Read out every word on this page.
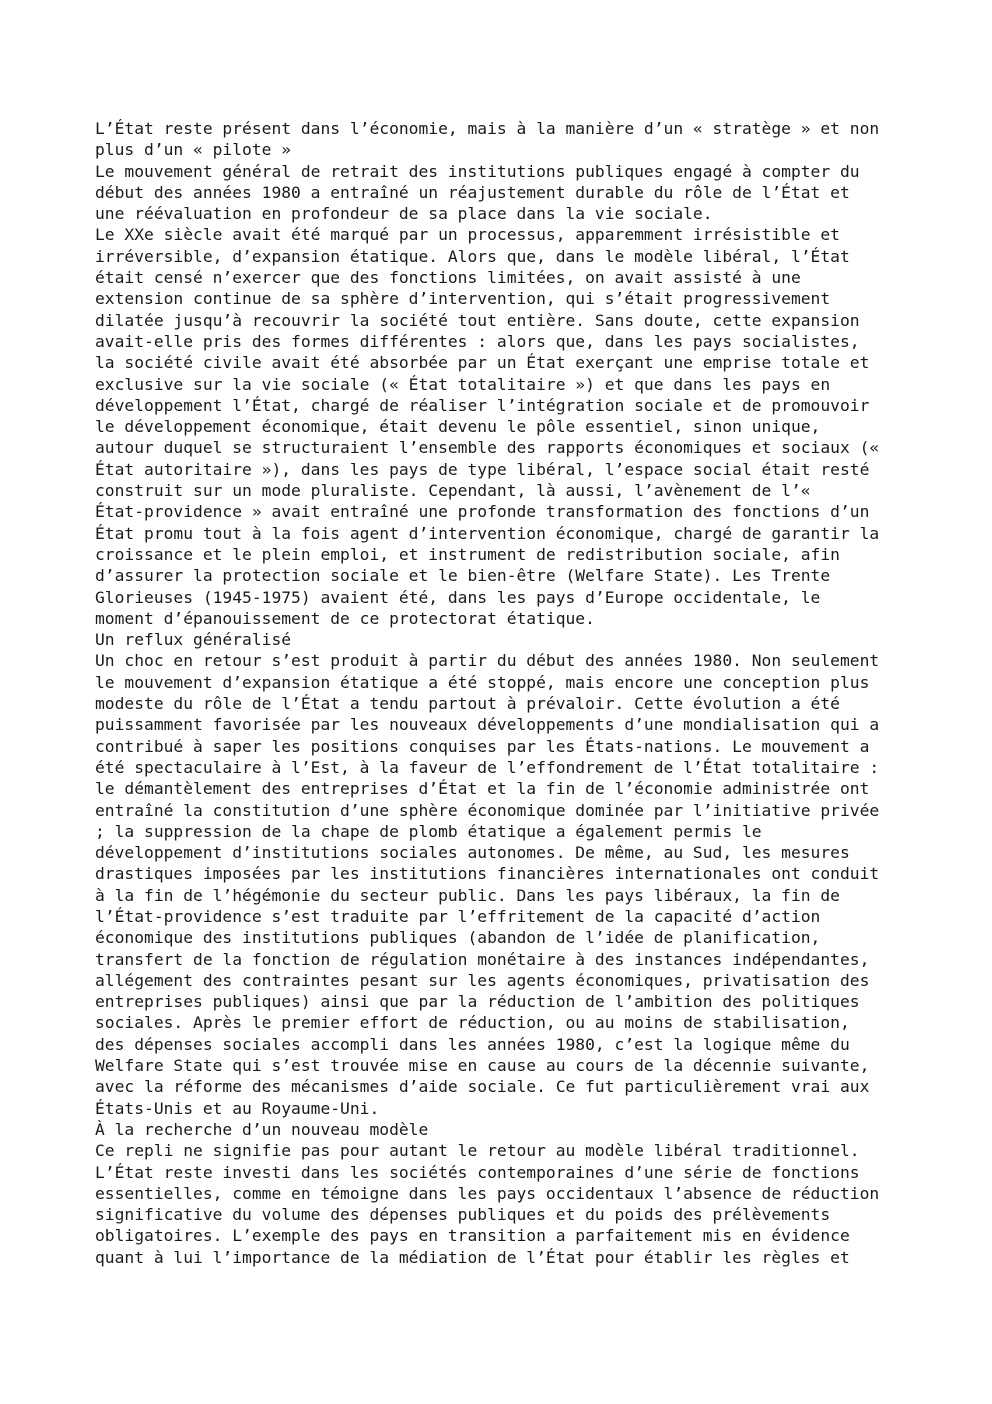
L’État reste présent dans l’économie, mais à la manière d’un « stratège » et non
plus d’un « pilote »
Le mouvement général de retrait des institutions publiques engagé à compter du
début des années 1980 a entraîné un réajustement durable du rôle de l’État et
une réévaluation en profondeur de sa place dans la vie sociale.
Le XXe siècle avait été marqué par un processus, apparemment irrésistible et
irréversible, d’expansion étatique. Alors que, dans le modèle libéral, l’État
était censé n’exercer que des fonctions limitées, on avait assisté à une
extension continue de sa sphère d’intervention, qui s’était progressivement
dilatée jusqu’à recouvrir la société tout entière. Sans doute, cette expansion
avait-elle pris des formes différentes : alors que, dans les pays socialistes,
la société civile avait été absorbée par un État exerçant une emprise totale et
exclusive sur la vie sociale (« État totalitaire ») et que dans les pays en
développement l’État, chargé de réaliser l’intégration sociale et de promouvoir
le développement économique, était devenu le pôle essentiel, sinon unique,
autour duquel se structuraient l’ensemble des rapports économiques et sociaux («
État autoritaire »), dans les pays de type libéral, l’espace social était resté
construit sur un mode pluraliste. Cependant, là aussi, l’avènement de l’«
État-providence » avait entraîné une profonde transformation des fonctions d’un
État promu tout à la fois agent d’intervention économique, chargé de garantir la
croissance et le plein emploi, et instrument de redistribution sociale, afin
d’assurer la protection sociale et le bien-être (Welfare State). Les Trente
Glorieuses (1945-1975) avaient été, dans les pays d’Europe occidentale, le
moment d’épanouissement de ce protectorat étatique.
Un reflux généralisé
Un choc en retour s’est produit à partir du début des années 1980. Non seulement
le mouvement d’expansion étatique a été stoppé, mais encore une conception plus
modeste du rôle de l’État a tendu partout à prévaloir. Cette évolution a été
puissamment favorisée par les nouveaux développements d’une mondialisation qui a
contribué à saper les positions conquises par les États-nations. Le mouvement a
été spectaculaire à l’Est, à la faveur de l’effondrement de l’État totalitaire :
le démantèlement des entreprises d’État et la fin de l’économie administrée ont
entraîné la constitution d’une sphère économique dominée par l’initiative privée
; la suppression de la chape de plomb étatique a également permis le
développement d’institutions sociales autonomes. De même, au Sud, les mesures
drastiques imposées par les institutions financières internationales ont conduit
à la fin de l’hégémonie du secteur public. Dans les pays libéraux, la fin de
l’État-providence s’est traduite par l’effritement de la capacité d’action
économique des institutions publiques (abandon de l’idée de planification,
transfert de la fonction de régulation monétaire à des instances indépendantes,
allégement des contraintes pesant sur les agents économiques, privatisation des
entreprises publiques) ainsi que par la réduction de l’ambition des politiques
sociales. Après le premier effort de réduction, ou au moins de stabilisation,
des dépenses sociales accompli dans les années 1980, c’est la logique même du
Welfare State qui s’est trouvée mise en cause au cours de la décennie suivante,
avec la réforme des mécanismes d’aide sociale. Ce fut particulièrement vrai aux
États-Unis et au Royaume-Uni.
À la recherche d’un nouveau modèle
Ce repli ne signifie pas pour autant le retour au modèle libéral traditionnel.
L’État reste investi dans les sociétés contemporaines d’une série de fonctions
essentielles, comme en témoigne dans les pays occidentaux l’absence de réduction
significative du volume des dépenses publiques et du poids des prélèvements
obligatoires. L’exemple des pays en transition a parfaitement mis en évidence
quant à lui l’importance de la médiation de l’État pour établir les règles et
